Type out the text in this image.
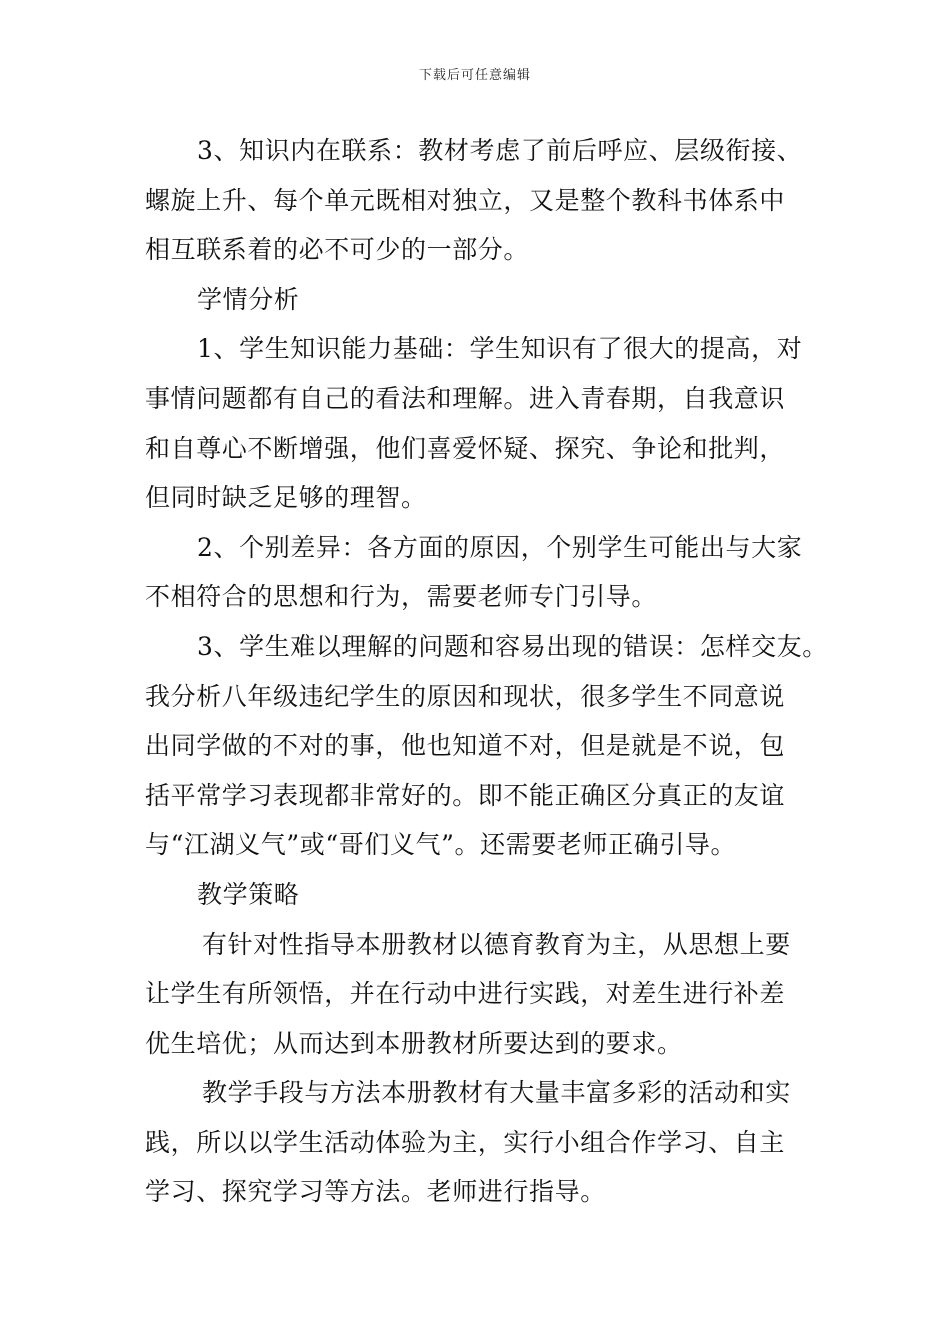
下载后可任意编辑
3、知识内在联系：教材考虑了前后呼应、层级衔接、
螺旋上升、每个单元既相对独立，又是整个教科书体系中
相互联系着的必不可少的一部分。
学情分析
1、学生知识能力基础：学生知识有了很大的提高，对
事情问题都有自己的看法和理解。进入青春期，自我意识
和自尊心不断增强，他们喜爱怀疑、探究、争论和批判，
但同时缺乏足够的理智。
2、个别差异：各方面的原因，个别学生可能出与大家
不相符合的思想和行为，需要老师专门引导。
3、学生难以理解的问题和容易出现的错误：怎样交友。
我分析八年级违纪学生的原因和现状，很多学生不同意说
出同学做的不对的事，他也知道不对，但是就是不说，包
括平常学习表现都非常好的。即不能正确区分真正的友谊
与“江湖义气”或“哥们义气”。还需要老师正确引导。
教学策略
有针对性指导本册教材以德育教育为主，从思想上要
让学生有所领悟，并在行动中进行实践，对差生进行补差
优生培优；从而达到本册教材所要达到的要求。
教学手段与方法本册教材有大量丰富多彩的活动和实
践，所以以学生活动体验为主，实行小组合作学习、自主
学习、探究学习等方法。老师进行指导。
